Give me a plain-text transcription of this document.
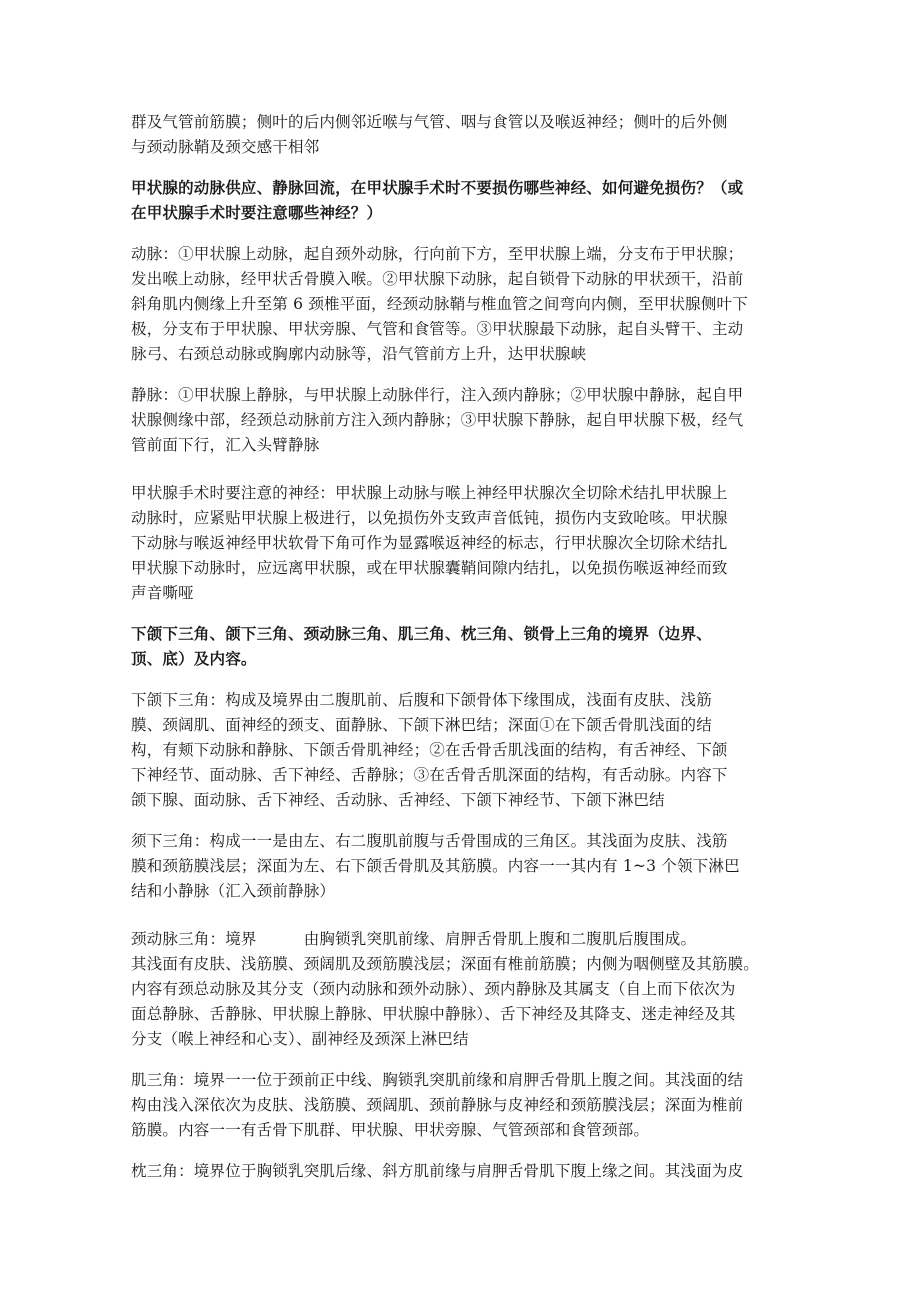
群及气管前筋膜；侧叶的后内侧邻近喉与气管、咽与食管以及喉返神经；侧叶的后外侧
与颈动脉鞘及颈交感干相邻

甲状腺的动脉供应、静脉回流，在甲状腺手术时不要损伤哪些神经、如何避免损伤？（或
在甲状腺手术时要注意哪些神经？）

动脉：①甲状腺上动脉，起自颈外动脉，行向前下方，至甲状腺上端，分支布于甲状腺；
发出喉上动脉，经甲状舌骨膜入喉。②甲状腺下动脉，起自锁骨下动脉的甲状颈干，沿前
斜角肌内侧缘上升至第 6 颈椎平面，经颈动脉鞘与椎血管之间弯向内侧，至甲状腺侧叶下
极，分支布于甲状腺、甲状旁腺、气管和食管等。③甲状腺最下动脉，起自头臂干、主动
脉弓、右颈总动脉或胸廓内动脉等，沿气管前方上升，达甲状腺峡

静脉：①甲状腺上静脉，与甲状腺上动脉伴行，注入颈内静脉；②甲状腺中静脉，起自甲
状腺侧缘中部，经颈总动脉前方注入颈内静脉；③甲状腺下静脉，起自甲状腺下极，经气
管前面下行，汇入头臂静脉

甲状腺手术时要注意的神经：甲状腺上动脉与喉上神经甲状腺次全切除术结扎甲状腺上
动脉时，应紧贴甲状腺上极进行，以免损伤外支致声音低钝，损伤内支致呛咳。甲状腺
下动脉与喉返神经甲状软骨下角可作为显露喉返神经的标志，行甲状腺次全切除术结扎
甲状腺下动脉时，应远离甲状腺，或在甲状腺囊鞘间隙内结扎，以免损伤喉返神经而致
声音嘶哑

下颌下三角、颌下三角、颈动脉三角、肌三角、枕三角、锁骨上三角的境界（边界、
顶、底）及内容。

下颌下三角：构成及境界由二腹肌前、后腹和下颌骨体下缘围成，浅面有皮肤、浅筋
膜、颈阔肌、面神经的颈支、面静脉、下颌下淋巴结；深面①在下颌舌骨肌浅面的结
构，有颊下动脉和静脉、下颌舌骨肌神经；②在舌骨舌肌浅面的结构，有舌神经、下颌
下神经节、面动脉、舌下神经、舌静脉；③在舌骨舌肌深面的结构，有舌动脉。内容下
颌下腺、面动脉、舌下神经、舌动脉、舌神经、下颌下神经节、下颌下淋巴结

须下三角：构成一一是由左、右二腹肌前腹与舌骨围成的三角区。其浅面为皮肤、浅筋
膜和颈筋膜浅层；深面为左、右下颌舌骨肌及其筋膜。内容一一其内有 1~3 个领下淋巴
结和小静脉（汇入颈前静脉）

颈动脉三角：境界　　　由胸锁乳突肌前缘、肩胛舌骨肌上腹和二腹肌后腹围成。
其浅面有皮肤、浅筋膜、颈阔肌及颈筋膜浅层；深面有椎前筋膜；内侧为咽侧壁及其筋膜。
内容有颈总动脉及其分支（颈内动脉和颈外动脉）、颈内静脉及其属支（自上而下依次为
面总静脉、舌静脉、甲状腺上静脉、甲状腺中静脉）、舌下神经及其降支、迷走神经及其
分支（喉上神经和心支）、副神经及颈深上淋巴结

肌三角：境界一一位于颈前正中线、胸锁乳突肌前缘和肩胛舌骨肌上腹之间。其浅面的结
构由浅入深依次为皮肤、浅筋膜、颈阔肌、颈前静脉与皮神经和颈筋膜浅层；深面为椎前
筋膜。内容一一有舌骨下肌群、甲状腺、甲状旁腺、气管颈部和食管颈部。

枕三角：境界位于胸锁乳突肌后缘、斜方肌前缘与肩胛舌骨肌下腹上缘之间。其浅面为皮
